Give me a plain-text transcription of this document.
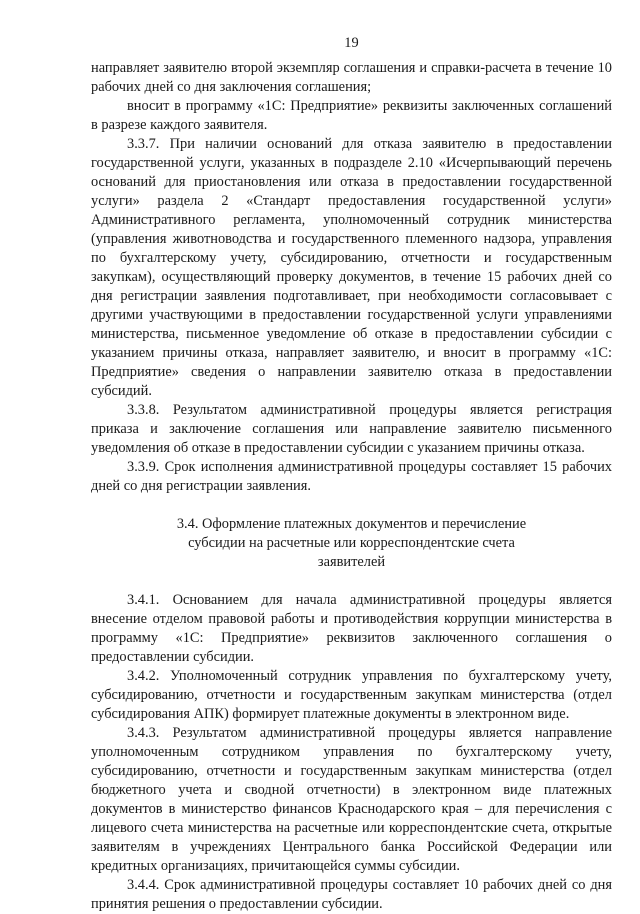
19

направляет заявителю второй экземпляр соглашения и справки-расчета в течение 10 рабочих дней со дня заключения соглашения;

вносит в программу «1С: Предприятие» реквизиты заключенных соглашений в разрезе каждого заявителя.

3.3.7. При наличии оснований для отказа заявителю в предоставлении государственной услуги, указанных в подразделе 2.10 «Исчерпывающий перечень оснований для приостановления или отказа в предоставлении государственной услуги» раздела 2 «Стандарт предоставления государственной услуги» Административного регламента, уполномоченный сотрудник министерства (управления животноводства и государственного племенного надзора, управления по бухгалтерскому учету, субсидированию, отчетности и государственным закупкам), осуществляющий проверку документов, в течение 15 рабочих дней со дня регистрации заявления подготавливает, при необходимости согласовывает с другими участвующими в предоставлении государственной услуги управлениями министерства, письменное уведомление об отказе в предоставлении субсидии с указанием причины отказа, направляет заявителю, и вносит в программу «1С: Предприятие» сведения о направлении заявителю отказа в предоставлении субсидий.

3.3.8. Результатом административной процедуры является регистрация приказа и заключение соглашения или направление заявителю письменного уведомления об отказе в предоставлении субсидии с указанием причины отказа.

3.3.9. Срок исполнения административной процедуры составляет 15 рабочих дней со дня регистрации заявления.

3.4. Оформление платежных документов и перечисление
субсидии на расчетные или корреспондентские счета
заявителей

3.4.1. Основанием для начала административной процедуры является внесение отделом правовой работы и противодействия коррупции министерства в программу «1С: Предприятие» реквизитов заключенного соглашения о предоставлении субсидии.

3.4.2. Уполномоченный сотрудник управления по бухгалтерскому учету, субсидированию, отчетности и государственным закупкам министерства (отдел субсидирования АПК) формирует платежные документы в электронном виде.

3.4.3. Результатом административной процедуры является направление уполномоченным сотрудником управления по бухгалтерскому учету, субсидированию, отчетности и государственным закупкам министерства (отдел бюджетного учета и сводной отчетности) в электронном виде платежных документов в министерство финансов Краснодарского края – для перечисления с лицевого счета министерства на расчетные или корреспондентские счета, открытые заявителям в учреждениях Центрального банка Российской Федерации или кредитных организациях, причитающейся суммы субсидии.

3.4.4. Срок административной процедуры составляет 10 рабочих дней со дня принятия решения о предоставлении субсидии.
